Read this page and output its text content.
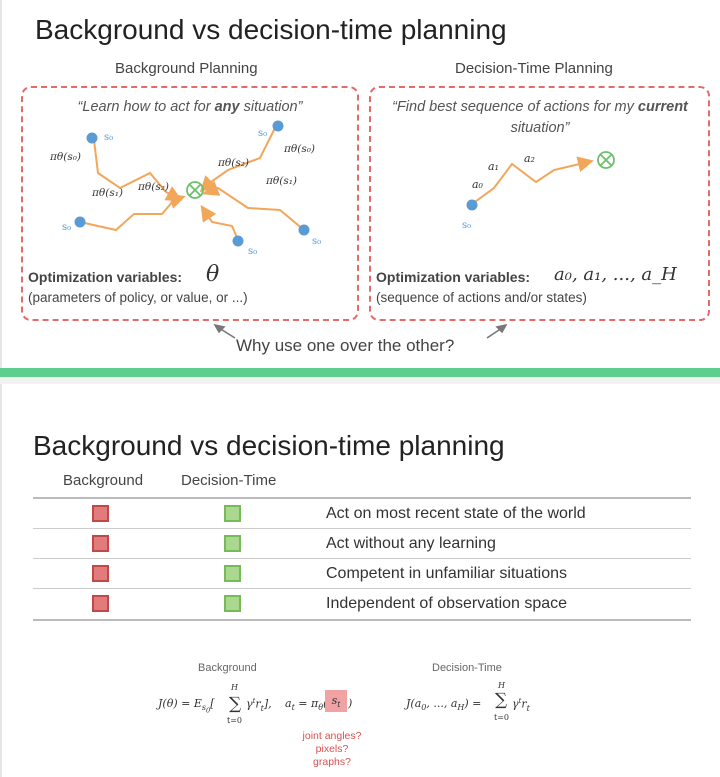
Background vs decision-time planning
Background Planning	Decision-Time Planning
“Learn how to act for any situation”	“Find best sequence of actions for my current situation”
s₀
s₀
s₀
s₀
s₀
πθ(s₀)
πθ(s₁) πθ(s₂)
πθ(s₂)
πθ(s₀)
πθ(s₁)
s₀
a₀
a₁
a₂
Optimization variables: θ
(parameters of policy, or value, or ...)
Optimization variables: a₀, a₁, ..., a_H
(sequence of actions and/or states)
Why use one over the other?
Background vs decision-time planning
Background	Decision-Time
Act on most recent state of the world
Act without any learning
Competent in unfamiliar situations
Independent of observation space
Background	Decision-Time
$J(\theta) = E_{s_0}$[ ∑
H
t=0
$\gamma^tr_t$], $a_t = \pi_\theta$
$s_t$ )	$J(a_0$, ..., $a_H$) = ∑
H
t=0
$\gamma^tr_t$
joint angles?
pixels?
graphs?
